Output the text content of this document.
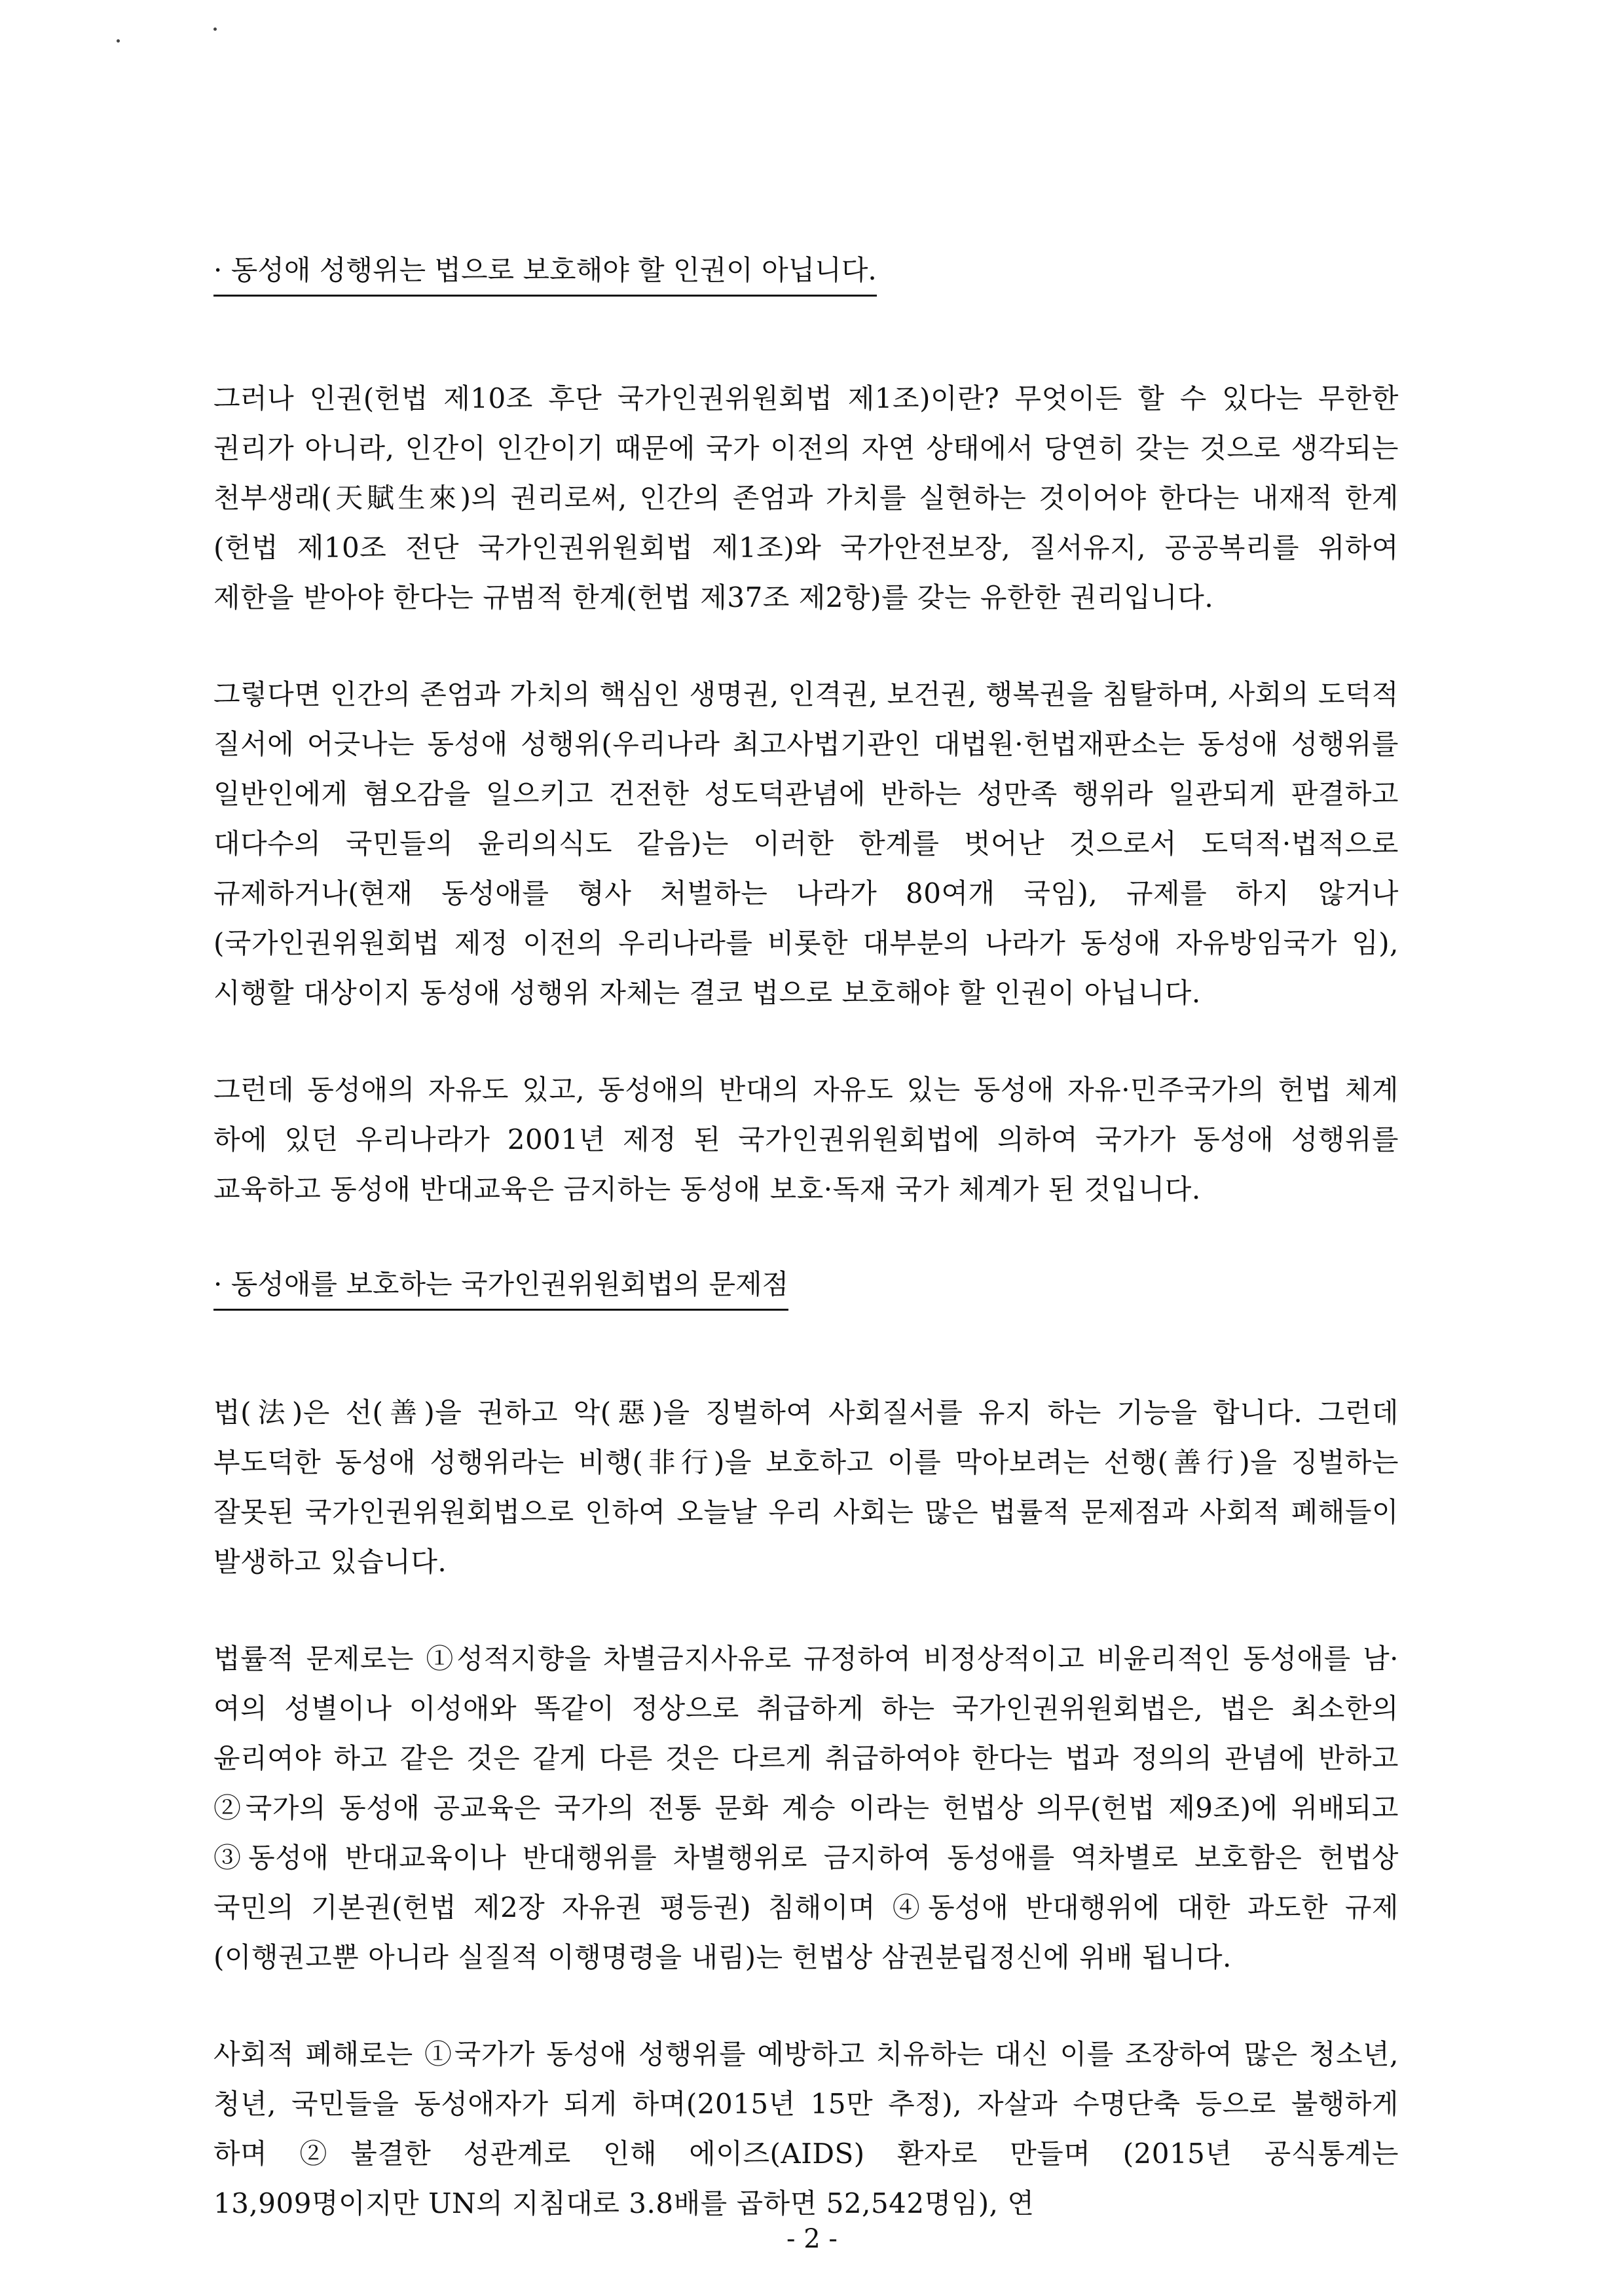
· 동성애 성행위는 법으로 보호해야 할 인권이 아닙니다.

그러나 인권(헌법 제10조 후단 국가인권위원회법 제1조)이란? 무엇이든 할 수 있다는 무한한 권리가 아니라, 인간이 인간이기 때문에 국가 이전의 자연 상태에서 당연히 갖는 것으로 생각되는 천부생래(天賦生來)의 권리로써, 인간의 존엄과 가치를 실현하는 것이어야 한다는 내재적 한계(헌법 제10조 전단 국가인권위원회법 제1조)와 국가안전보장, 질서유지, 공공복리를 위하여 제한을 받아야 한다는 규범적 한계(헌법 제37조 제2항)를 갖는 유한한 권리입니다.

그렇다면 인간의 존엄과 가치의 핵심인 생명권, 인격권, 보건권, 행복권을 침탈하며, 사회의 도덕적 질서에 어긋나는 동성애 성행위(우리나라 최고사법기관인 대법원·헌법재판소는 동성애 성행위를 일반인에게 혐오감을 일으키고 건전한 성도덕관념에 반하는 성만족 행위라 일관되게 판결하고 대다수의 국민들의 윤리의식도 같음)는 이러한 한계를 벗어난 것으로서 도덕적·법적으로 규제하거나(현재 동성애를 형사 처벌하는 나라가 80여개 국임), 규제를 하지 않거나(국가인권위원회법 제정 이전의 우리나라를 비롯한 대부분의 나라가 동성애 자유방임국가 임), 시행할 대상이지 동성애 성행위 자체는 결코 법으로 보호해야 할 인권이 아닙니다.

그런데 동성애의 자유도 있고, 동성애의 반대의 자유도 있는 동성애 자유·민주국가의 헌법 체계 하에 있던 우리나라가 2001년 제정 된 국가인권위원회법에 의하여 국가가 동성애 성행위를 교육하고 동성애 반대교육은 금지하는 동성애 보호·독재 국가 체계가 된 것입니다.

· 동성애를 보호하는 국가인권위원회법의 문제점

법(法)은 선(善)을 권하고 악(惡)을 징벌하여 사회질서를 유지 하는 기능을 합니다. 그런데 부도덕한 동성애 성행위라는 비행(非行)을 보호하고 이를 막아보려는 선행(善行)을 징벌하는 잘못된 국가인권위원회법으로 인하여 오늘날 우리 사회는 많은 법률적 문제점과 사회적 폐해들이 발생하고 있습니다.

법률적 문제로는 ①성적지향을 차별금지사유로 규정하여 비정상적이고 비윤리적인 동성애를 남·여의 성별이나 이성애와 똑같이 정상으로 취급하게 하는 국가인권위원회법은, 법은 최소한의 윤리여야 하고 같은 것은 같게 다른 것은 다르게 취급하여야 한다는 법과 정의의 관념에 반하고 ②국가의 동성애 공교육은 국가의 전통 문화 계승 이라는 헌법상 의무(헌법 제9조)에 위배되고 ③동성애 반대교육이나 반대행위를 차별행위로 금지하여 동성애를 역차별로 보호함은 헌법상 국민의 기본권(헌법 제2장 자유권 평등권) 침해이며 ④동성애 반대행위에 대한 과도한 규제(이행권고뿐 아니라 실질적 이행명령을 내림)는 헌법상 삼권분립정신에 위배 됩니다.

사회적 폐해로는 ①국가가 동성애 성행위를 예방하고 치유하는 대신 이를 조장하여 많은 청소년, 청년, 국민들을 동성애자가 되게 하며(2015년 15만 추정), 자살과 수명단축 등으로 불행하게 하며 ②불결한 성관계로 인해 에이즈(AIDS) 환자로 만들며 (2015년 공식통계는 13,909명이지만 UN의 지침대로 3.8배를 곱하면 52,542명임), 연

- 2 -
